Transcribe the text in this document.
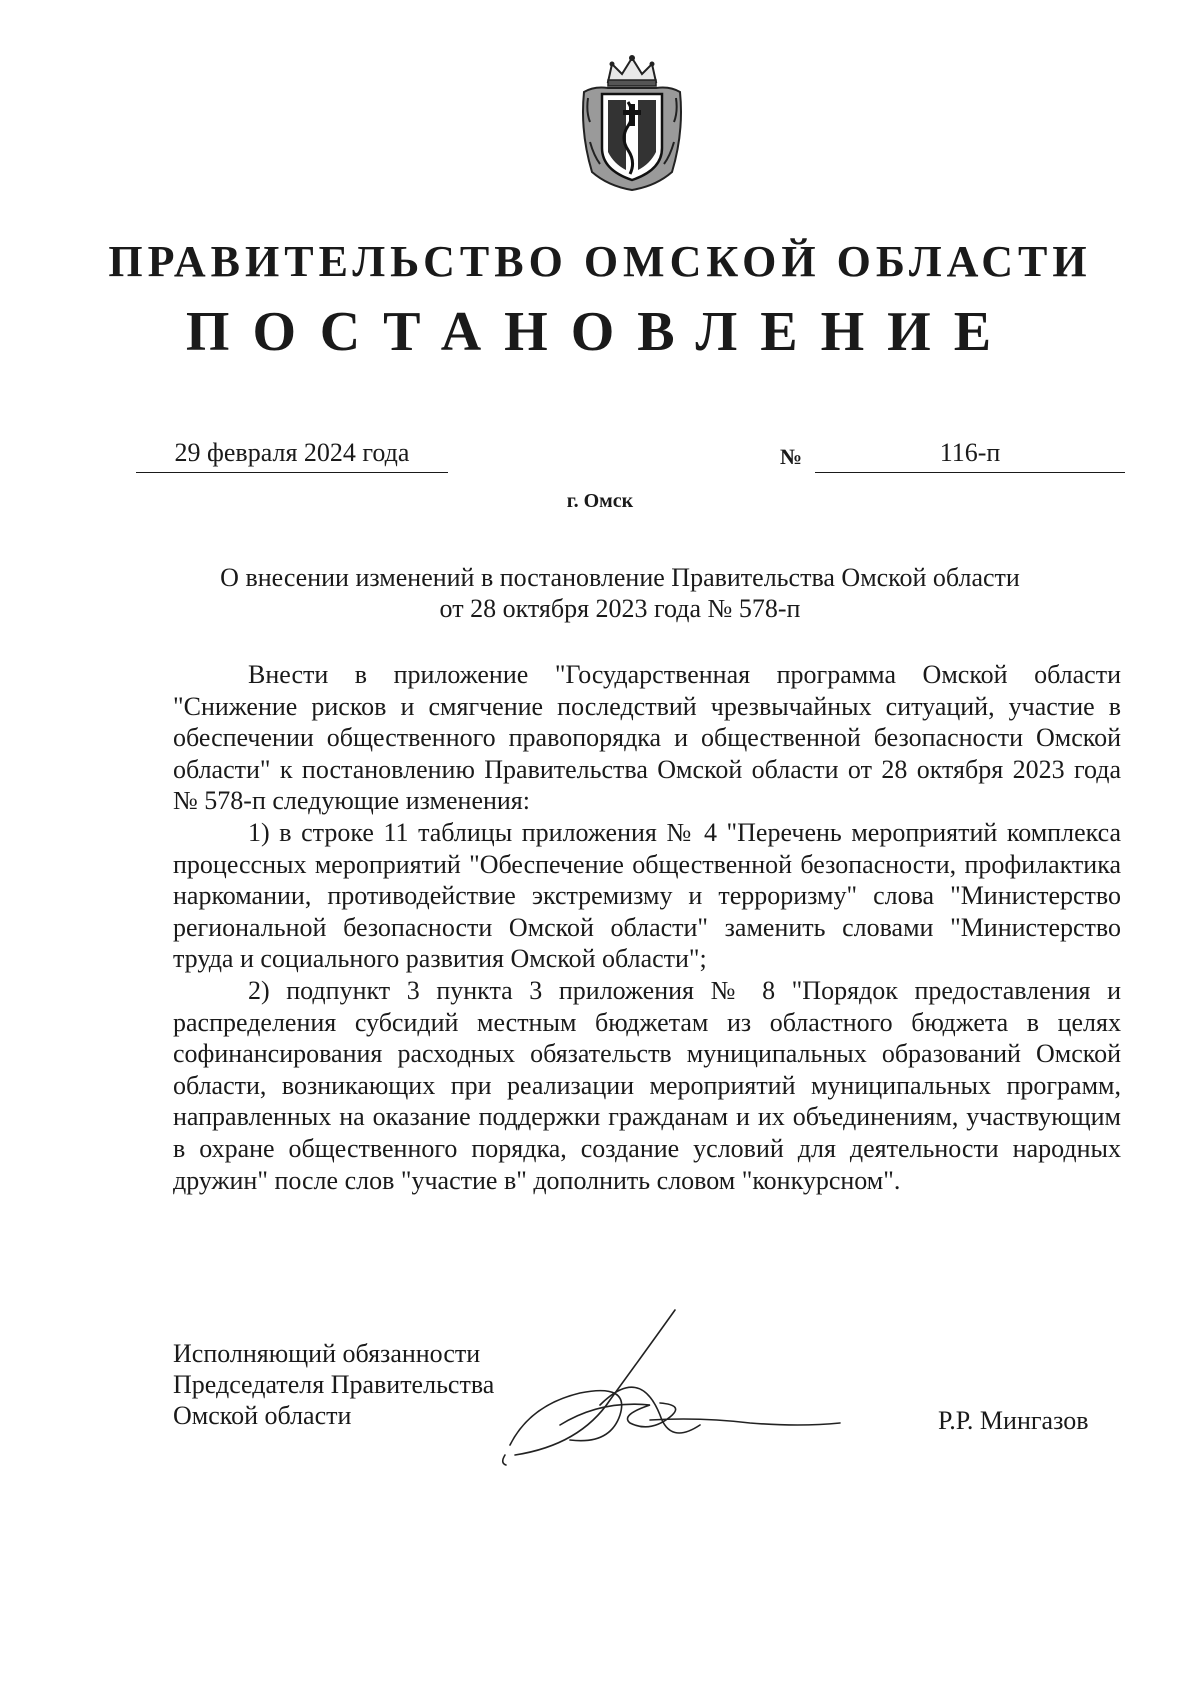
ПРАВИТЕЛЬСТВО ОМСКОЙ ОБЛАСТИ
ПОСТАНОВЛЕНИЕ
29 февраля 2024 года	№	116-п
г. Омск

О внесении изменений в постановление Правительства Омской области

от 28 октября 2023 года № 578-п

Внести в приложение "Государственная программа Омской области "Снижение рисков и смягчение последствий чрезвычайных ситуаций, участие в обеспечении общественного правопорядка и общественной безопасности Омской области" к постановлению Правительства Омской области от 28 октября 2023 года № 578-п следующие изменения:

1) в строке 11 таблицы приложения № 4 "Перечень мероприятий комплекса процессных мероприятий "Обеспечение общественной безопасности, профилактика наркомании, противодействие экстремизму и терроризму" слова "Министерство региональной безопасности Омской области" заменить словами "Министерство труда и социального развития Омской области";

2) подпункт 3 пункта 3 приложения № 8 "Порядок предоставления и распределения субсидий местным бюджетам из областного бюджета в целях софинансирования расходных обязательств муниципальных образований Омской области, возникающих при реализации мероприятий муниципальных программ, направленных на оказание поддержки гражданам и их объединениям, участвующим в охране общественного порядка, создание условий для деятельности народных дружин" после слов "участие в" дополнить словом "конкурсном".

Исполняющий обязанности
Председателя Правительства
Омской области	Р.Р. Мингазов
